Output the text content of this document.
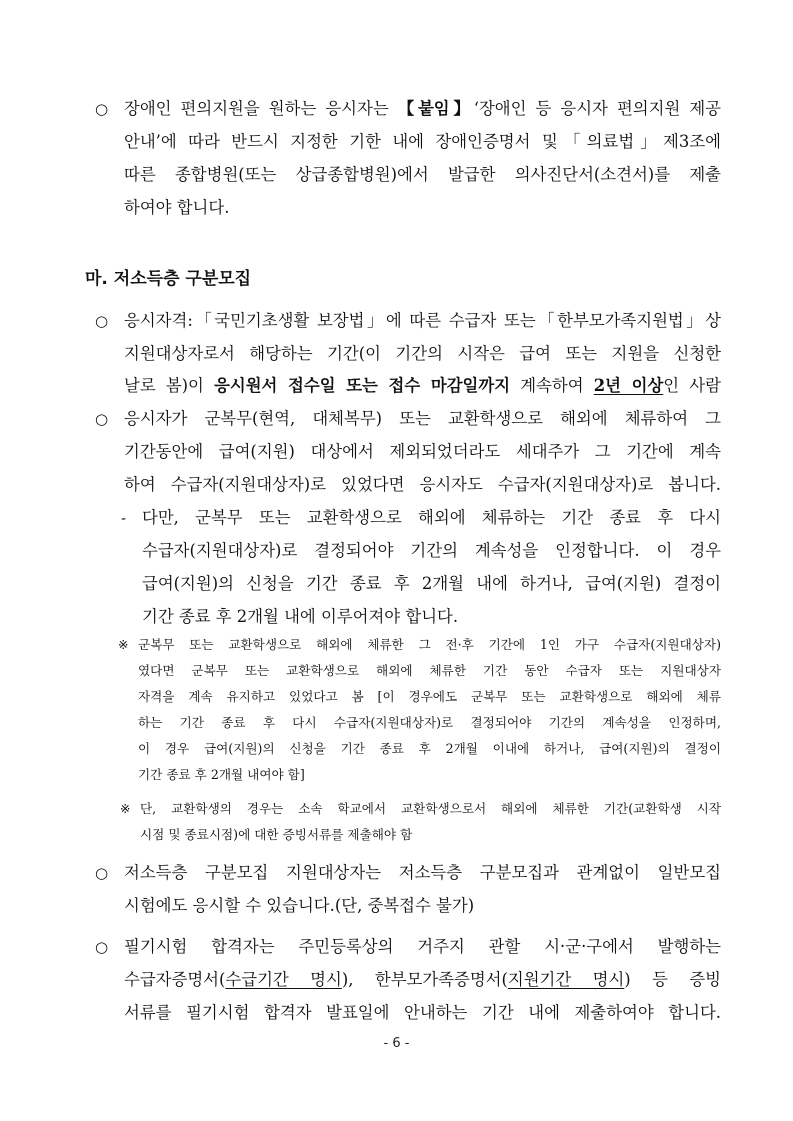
○ 장애인 편의지원을 원하는 응시자는 【붙임】‘장애인 등 응시자 편의지원 제공
안내’에 따라 반드시 지정한 기한 내에 장애인증명서 및「의료법」제3조에
따른 종합병원(또는 상급종합병원)에서 발급한 의사진단서(소견서)를 제출
하여야 합니다.
마. 저소득층 구분모집
○ 응시자격:「국민기초생활 보장법」에 따른 수급자 또는「한부모가족지원법」상
지원대상자로서 해당하는 기간(이 기간의 시작은 급여 또는 지원을 신청한
날로 봄)이 응시원서 접수일 또는 접수 마감일까지 계속하여 2년 이상인 사람
○ 응시자가 군복무(현역, 대체복무) 또는 교환학생으로 해외에 체류하여 그
기간동안에 급여(지원) 대상에서 제외되었더라도 세대주가 그 기간에 계속
하여 수급자(지원대상자)로 있었다면 응시자도 수급자(지원대상자)로 봅니다.
- 다만, 군복무 또는 교환학생으로 해외에 체류하는 기간 종료 후 다시
수급자(지원대상자)로 결정되어야 기간의 계속성을 인정합니다. 이 경우
급여(지원)의 신청을 기간 종료 후 2개월 내에 하거나, 급여(지원) 결정이
기간 종료 후 2개월 내에 이루어져야 합니다.
※ 군복무 또는 교환학생으로 해외에 체류한 그 전·후 기간에 1인 가구 수급자(지원대상자)
였다면 군복무 또는 교환학생으로 해외에 체류한 기간 동안 수급자 또는 지원대상자
자격을 계속 유지하고 있었다고 봄 [이 경우에도 군복무 또는 교환학생으로 해외에 체류
하는 기간 종료 후 다시 수급자(지원대상자)로 결정되어야 기간의 계속성을 인정하며,
이 경우 급여(지원)의 신청을 기간 종료 후 2개월 이내에 하거나, 급여(지원)의 결정이
기간 종료 후 2개월 내여야 함]
※ 단, 교환학생의 경우는 소속 학교에서 교환학생으로서 해외에 체류한 기간(교환학생 시작
시점 및 종료시점)에 대한 증빙서류를 제출해야 함
○ 저소득층 구분모집 지원대상자는 저소득층 구분모집과 관계없이 일반모집
시험에도 응시할 수 있습니다.(단, 중복접수 불가)
○ 필기시험 합격자는 주민등록상의 거주지 관할 시·군·구에서 발행하는
수급자증명서(수급기간 명시), 한부모가족증명서(지원기간 명시) 등 증빙
서류를 필기시험 합격자 발표일에 안내하는 기간 내에 제출하여야 합니다.
- 6 -
